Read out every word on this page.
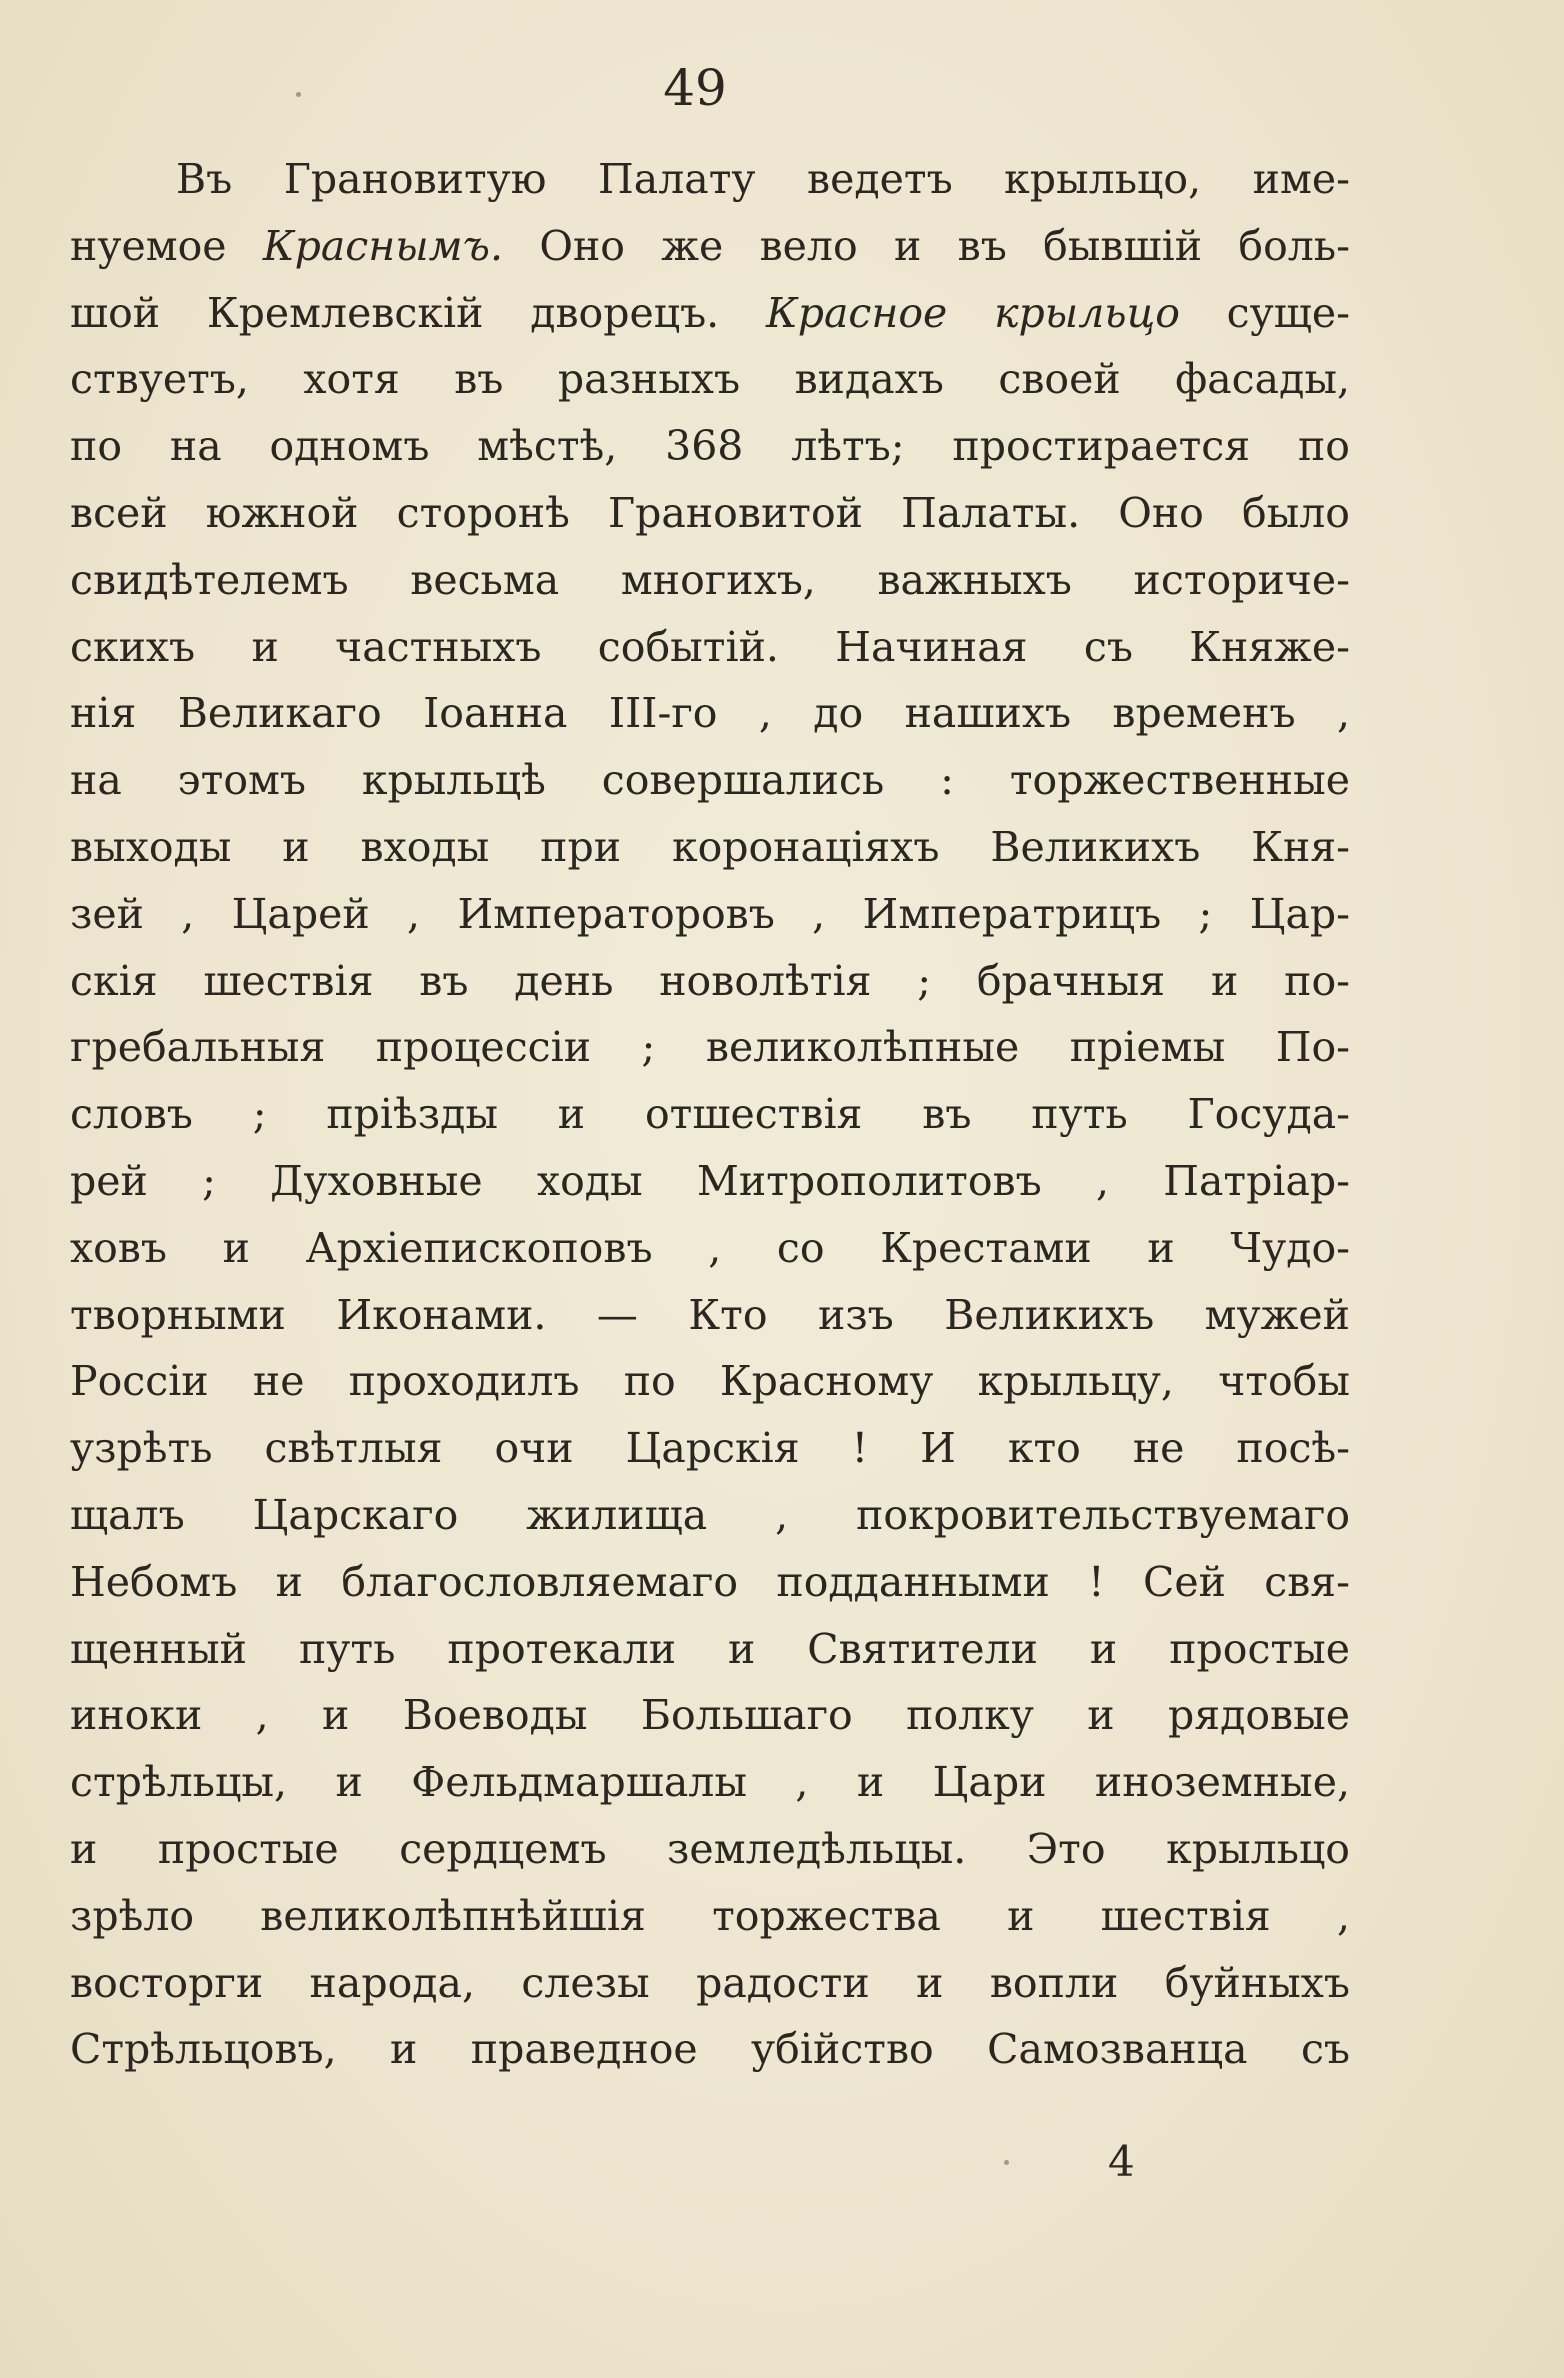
49
Въ Грановитую Палату ведетъ крыльцо, име-
нуемое Краснымъ. Оно же вело и въ бывшій боль-
шой Кремлевскій дворецъ. Красное крыльцо суще-
ствуетъ, хотя въ разныхъ видахъ своей фасады,
по на одномъ мѣстѣ, 368 лѣтъ; простирается по
всей южной сторонѣ Грановитой Палаты. Оно было
свидѣтелемъ весьма многихъ, важныхъ историче-
скихъ и частныхъ событій. Начиная съ Княже-
нія Великаго Іоанна III-го , до нашихъ временъ ,
на этомъ крыльцѣ совершались : торжественные
выходы и входы при коронаціяхъ Великихъ Кня-
зей , Царей , Императоровъ , Императрицъ ; Цар-
скія шествія въ день новолѣтія ; брачныя и по-
гребальныя процессіи ; великолѣпные пріемы По-
словъ ; пріѣзды и отшествія въ путь Госуда-
рей ; Духовные ходы Митрополитовъ , Патріар-
ховъ и Архіепископовъ , со Крестами и Чудо-
творными Иконами. — Кто изъ Великихъ мужей
Россіи не проходилъ по Красному крыльцу, чтобы
узрѣть свѣтлыя очи Царскія ! И кто не посѣ-
щалъ Царскаго жилища , покровительствуемаго
Небомъ и благословляемаго подданными ! Сей свя-
щенный путь протекали и Святители и простые
иноки , и Воеводы Большаго полку и рядовые
стрѣльцы, и Фельдмаршалы , и Цари иноземные,
и простые сердцемъ земледѣльцы. Это крыльцо
зрѣло великолѣпнѣйшія торжества и шествія ,
восторги народа, слезы радости и вопли буйныхъ
Стрѣльцовъ, и праведное убійство Самозванца съ
4
